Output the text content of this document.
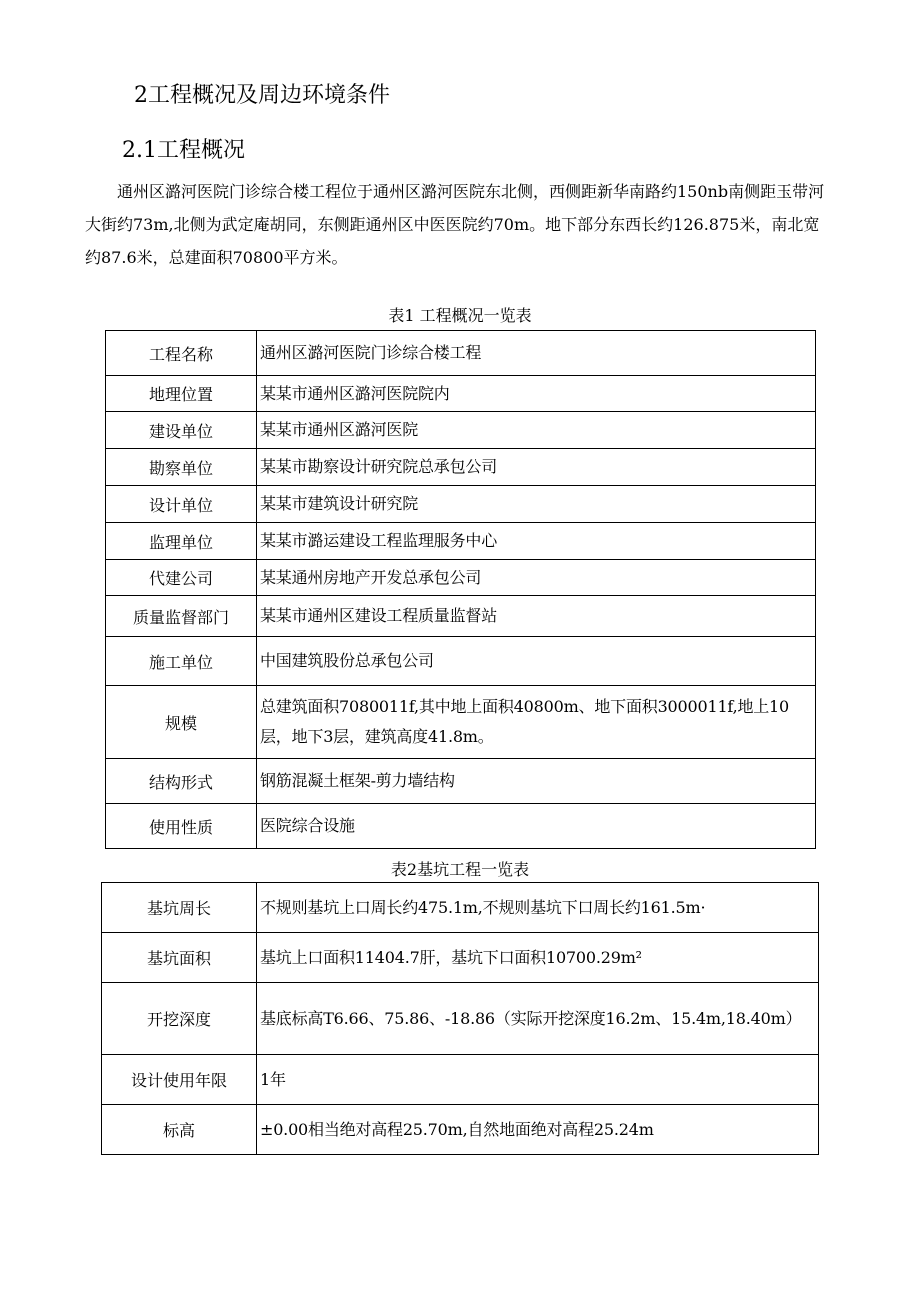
2工程概况及周边环境条件
2.1工程概况

通州区潞河医院门诊综合楼工程位于通州区潞河医院东北侧，西侧距新华南路约150nb南侧距玉带河大街约73m,北侧为武定庵胡同，东侧距通州区中医医院约70m。地下部分东西长约126.875米，南北宽约87.6米，总建面积70800平方米。

表1 工程概况一览表
工程名称	通州区潞河医院门诊综合楼工程
地理位置	某某市通州区潞河医院院内
建设单位	某某市通州区潞河医院
勘察单位	某某市勘察设计研究院总承包公司
设计单位	某某市建筑设计研究院
监理单位	某某市潞运建设工程监理服务中心
代建公司	某某通州房地产开发总承包公司
质量监督部门	某某市通州区建设工程质量监督站
施工单位	中国建筑股份总承包公司
规模	总建筑面积7080011f,其中地上面积40800m、地下面积3000011f,地上10层，地下3层，建筑高度41.8m。
结构形式	钢筋混凝土框架-剪力墙结构
使用性质	医院综合设施
表2基坑工程一览表
基坑周长	不规则基坑上口周长约475.1m,不规则基坑下口周长约161.5m·
基坑面积	基坑上口面积11404.7肝，基坑下口面积10700.29m²
开挖深度	基底标高T6.66、75.86、-18.86（实际开挖深度16.2m、15.4m,18.40m）
设计使用年限	1年
标高	±0.00相当绝对高程25.70m,自然地面绝对高程25.24m
